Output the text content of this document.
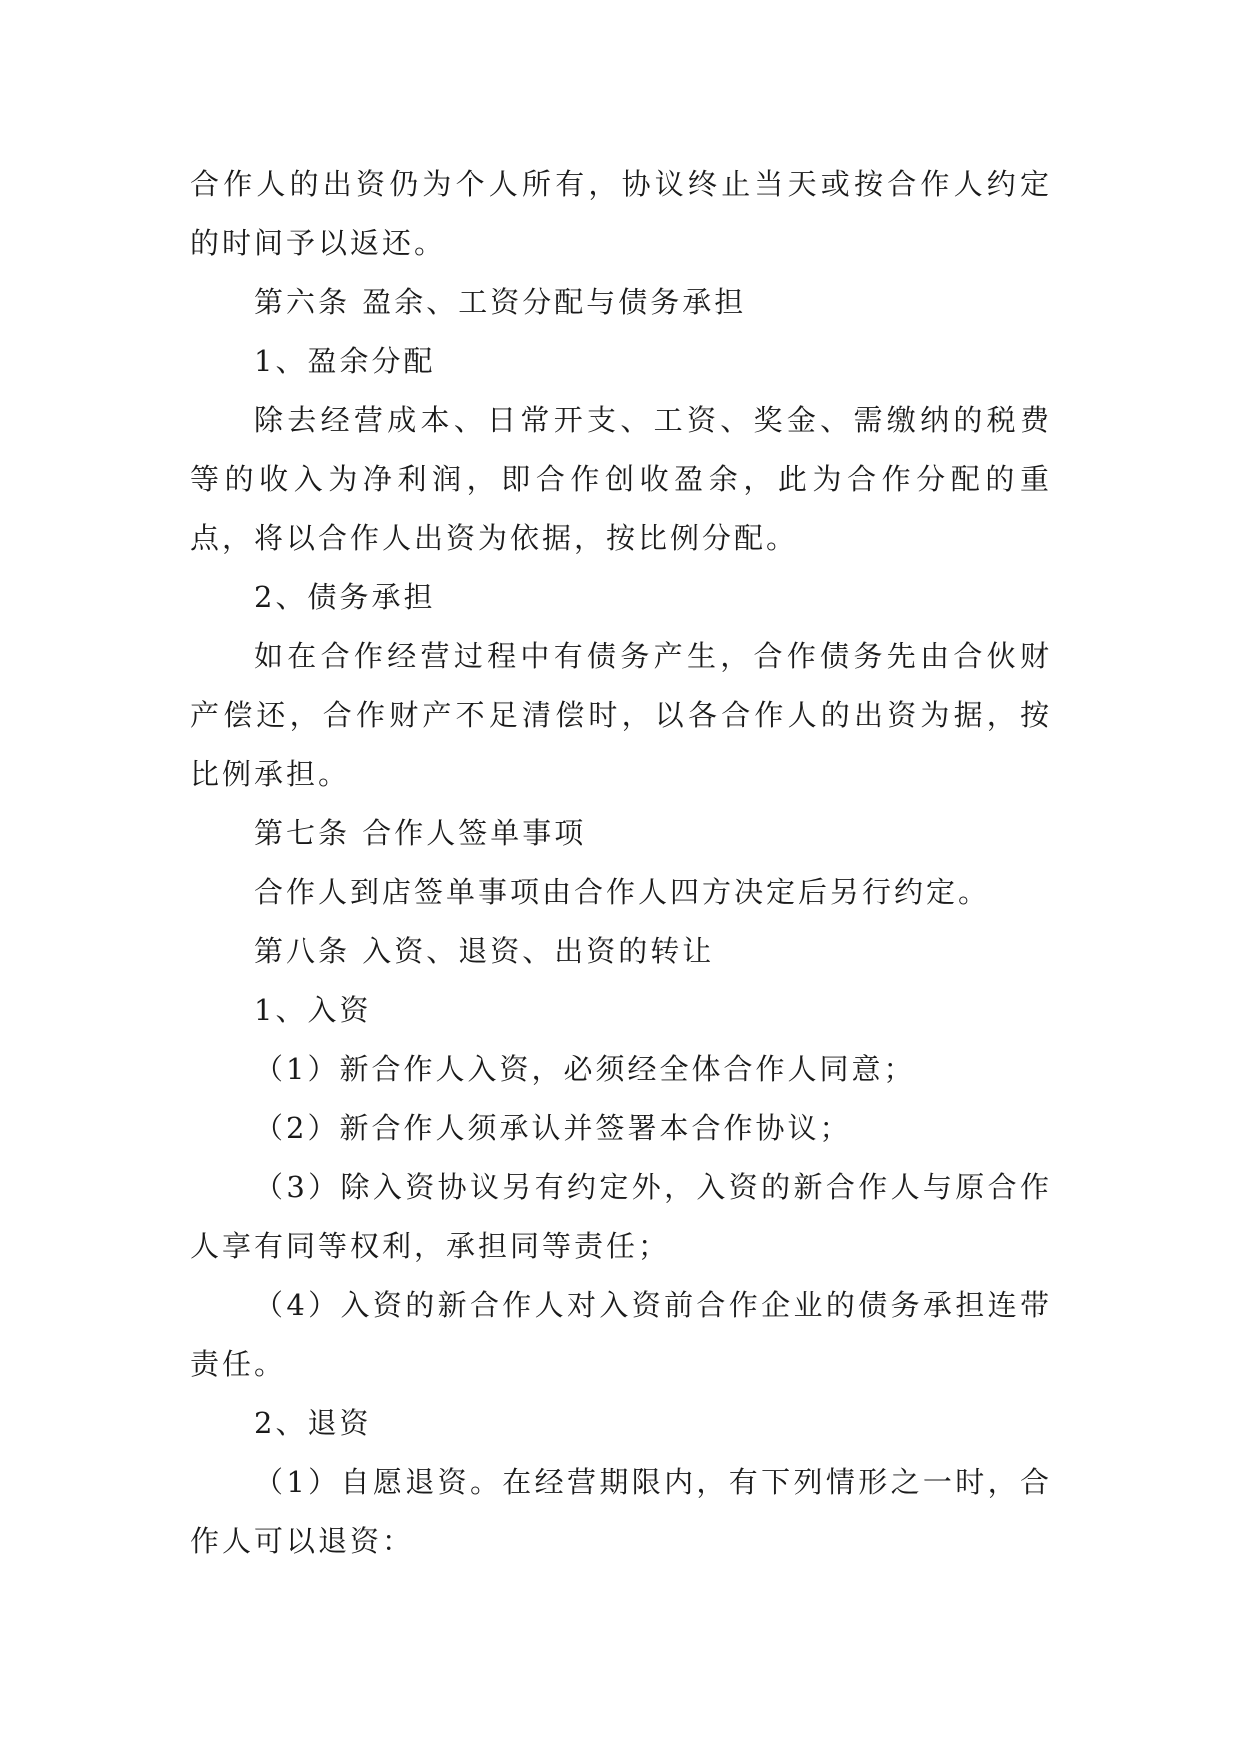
合作人的出资仍为个人所有，协议终止当天或按合作人约定的时间予以返还。

第六条 盈余、工资分配与债务承担

1、盈余分配

除去经营成本、日常开支、工资、奖金、需缴纳的税费等的收入为净利润，即合作创收盈余，此为合作分配的重点，将以合作人出资为依据，按比例分配。

2、债务承担

如在合作经营过程中有债务产生，合作债务先由合伙财产偿还，合作财产不足清偿时，以各合作人的出资为据，按比例承担。

第七条 合作人签单事项

合作人到店签单事项由合作人四方决定后另行约定。

第八条 入资、退资、出资的转让

1、入资

（1）新合作人入资，必须经全体合作人同意；

（2）新合作人须承认并签署本合作协议；

（3）除入资协议另有约定外，入资的新合作人与原合作人享有同等权利，承担同等责任；

（4）入资的新合作人对入资前合作企业的债务承担连带责任。

2、退资

（1）自愿退资。在经营期限内，有下列情形之一时，合作人可以退资：
